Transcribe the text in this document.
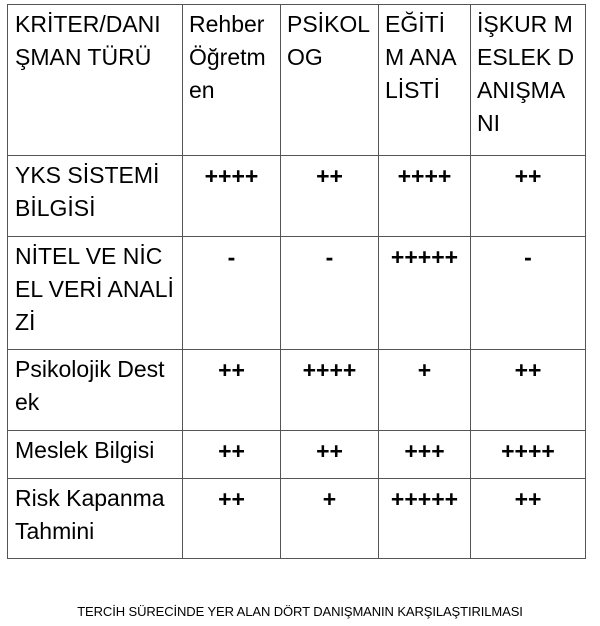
KRİTER/DANIŞMAN TÜRÜ	Rehber Öğretmen	PSİKOLOG	EĞİTİM ANALİSTİ	İŞKUR MESLEK DANIŞMANI
YKS SİSTEMİ BİLGİSİ	++++	++	++++	++
NİTEL VE NİCEL VERİ ANALİZİ	-	-	+++++	-
Psikolojik Destek	++	++++	+	++
Meslek Bilgisi	++	++	+++	++++
Risk Kapanma Tahmini	++	+	+++++	++
TERCİH SÜRECİNDE YER ALAN DÖRT DANIŞMANIN KARŞILAŞTIRILMASI
